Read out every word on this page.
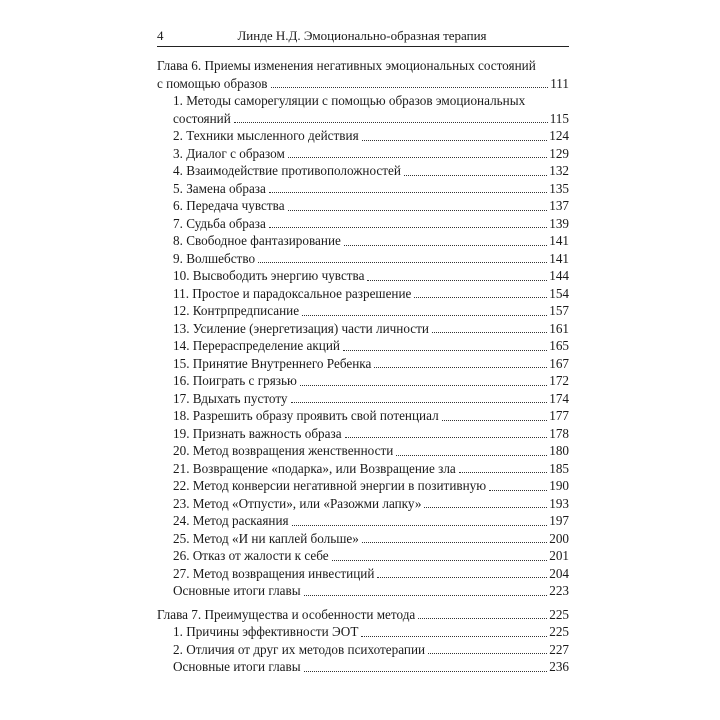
4	Линде Н.Д. Эмоционально-образная терапия
Глава 6. Приемы изменения негативных эмоциональных состояний
с помощью образов	111
1. Методы саморегуляции с помощью образов эмоциональных
состояний	115
2. Техники мысленного действия	124
3. Диалог с образом	129
4. Взаимодействие противоположностей	132
5. Замена образа	135
6. Передача чувства	137
7. Судьба образа	139
8. Свободное фантазирование	141
9. Волшебство	141
10. Высвободить энергию чувства	144
11. Простое и парадоксальное разрешение	154
12. Контрпредписание	157
13. Усиление (энергетизация) части личности	161
14. Перераспределение акций	165
15. Принятие Внутреннего Ребенка	167
16. Поиграть с грязью	172
17. Вдыхать пустоту	174
18. Разрешить образу проявить свой потенциал	177
19. Признать важность образа	178
20. Метод возвращения женственности	180
21. Возвращение «подарка», или Возвращение зла	185
22. Метод конверсии негативной энергии в позитивную	190
23. Метод «Отпусти», или «Разожми лапку»	193
24. Метод раскаяния	197
25. Метод «И ни каплей больше»	200
26. Отказ от жалости к себе	201
27. Метод возвращения инвестиций	204
Основные итоги главы	223
Глава 7. Преимущества и особенности метода	225
1. Причины эффективности ЭОТ	225
2. Отличия от друг их методов психотерапии	227
Основные итоги главы	236
